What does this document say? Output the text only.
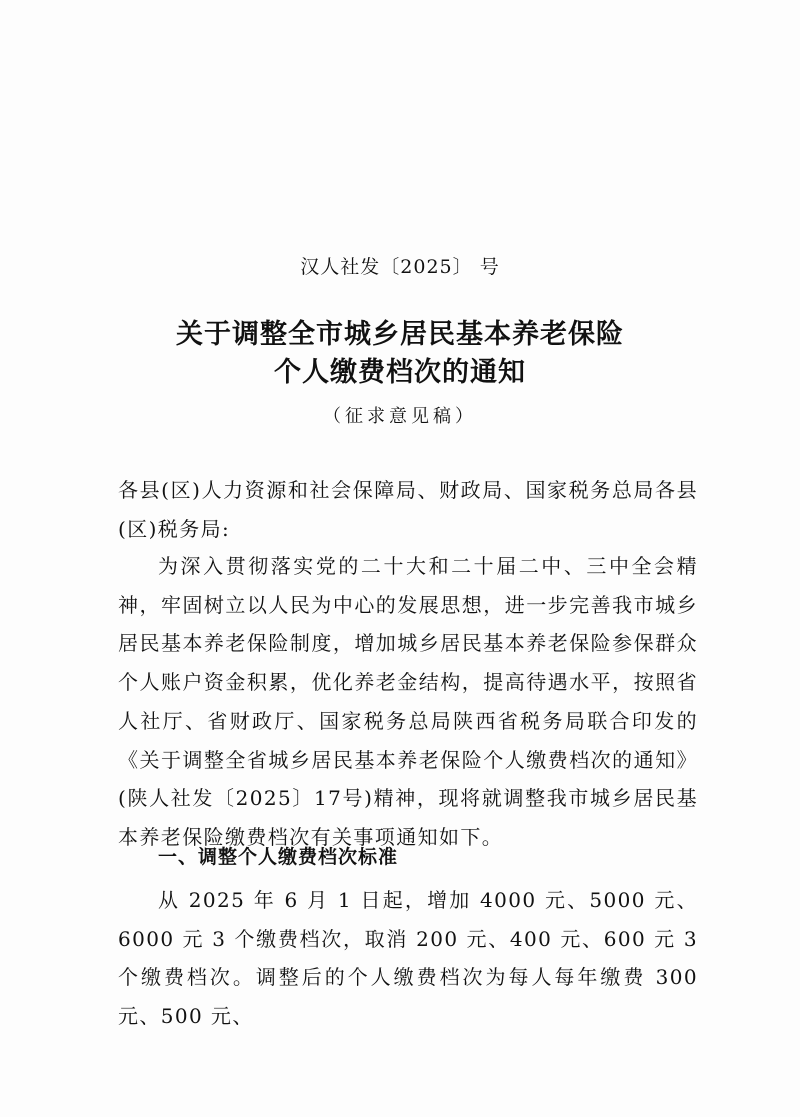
汉人社发〔2025〕 号
关于调整全市城乡居民基本养老保险
个人缴费档次的通知
（征求意见稿）
各县(区)人力资源和社会保障局、财政局、国家税务总局各县(区)税务局:
为深入贯彻落实党的二十大和二十届二中、三中全会精神，牢固树立以人民为中心的发展思想，进一步完善我市城乡居民基本养老保险制度，增加城乡居民基本养老保险参保群众个人账户资金积累，优化养老金结构，提高待遇水平，按照省人社厅、省财政厅、国家税务总局陕西省税务局联合印发的《关于调整全省城乡居民基本养老保险个人缴费档次的通知》(陕人社发〔2025〕17号)精神，现将就调整我市城乡居民基本养老保险缴费档次有关事项通知如下。
一、调整个人缴费档次标准
从 2025 年 6 月 1 日起，增加 4000 元、5000 元、6000 元 3 个缴费档次，取消 200 元、400 元、600 元 3 个缴费档次。调整后的个人缴费档次为每人每年缴费 300 元、500 元、
